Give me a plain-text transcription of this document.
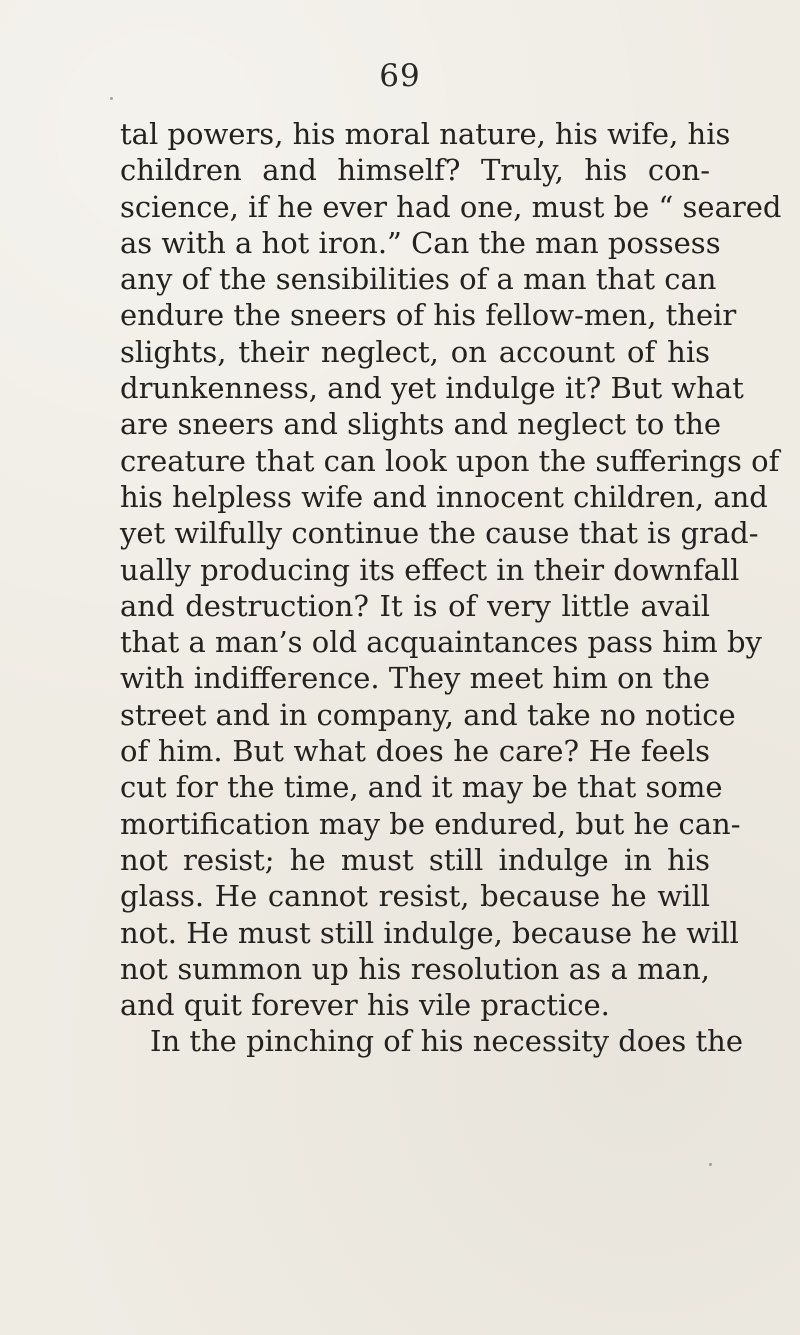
69
tal powers, his moral nature, his wife, his
children and himself? Truly, his con-
science, if he ever had one, must be “ seared
as with a hot iron.” Can the man possess
any of the sensibilities of a man that can
endure the sneers of his fellow-men, their
slights, their neglect, on account of his
drunkenness, and yet indulge it? But what
are sneers and slights and neglect to the
creature that can look upon the sufferings of
his helpless wife and innocent children, and
yet wilfully continue the cause that is grad-
ually producing its effect in their downfall
and destruction? It is of very little avail
that a man’s old acquaintances pass him by
with indifference. They meet him on the
street and in company, and take no notice
of him. But what does he care? He feels
cut for the time, and it may be that some
mortification may be endured, but he can-
not resist; he must still indulge in his
glass. He cannot resist, because he will
not. He must still indulge, because he will
not summon up his resolution as a man,
and quit forever his vile practice.
In the pinching of his necessity does the
